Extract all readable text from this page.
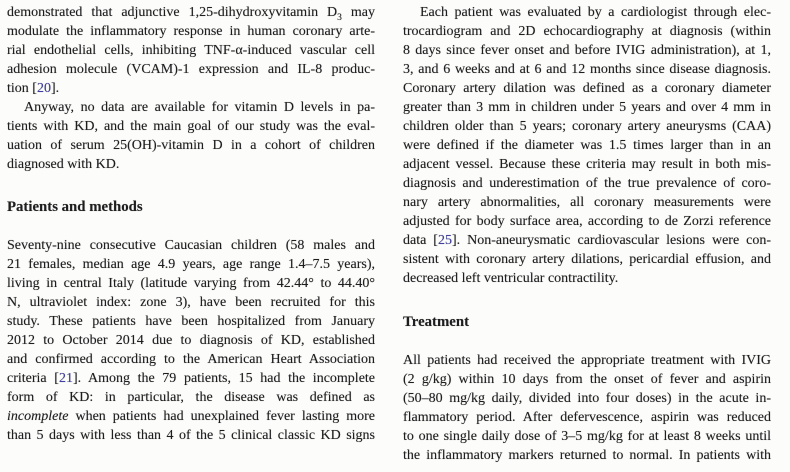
demonstrated that adjunctive 1,25-dihydroxyvitamin $D_3$ may
modulate the inflammatory response in human coronary arte-
rial endothelial cells, inhibiting TNF-α-induced vascular cell
adhesion molecule (VCAM)-1 expression and IL-8 produc-
tion [20].
Anyway, no data are available for vitamin D levels in pa-
tients with KD, and the main goal of our study was the eval-
uation of serum 25(OH)-vitamin D in a cohort of children
diagnosed with KD.
Patients and methods
Seventy-nine consecutive Caucasian children (58 males and
21 females, median age 4.9 years, age range 1.4–7.5 years),
living in central Italy (latitude varying from 42.44° to 44.40°
N, ultraviolet index: zone 3), have been recruited for this
study. These patients have been hospitalized from January
2012 to October 2014 due to diagnosis of KD, established
and confirmed according to the American Heart Association
criteria [21]. Among the 79 patients, 15 had the incomplete
form of KD: in particular, the disease was defined as
incomplete when patients had unexplained fever lasting more
than 5 days with less than 4 of the 5 clinical classic KD signs
Each patient was evaluated by a cardiologist through elec-
trocardiogram and 2D echocardiography at diagnosis (within
8 days since fever onset and before IVIG administration), at 1,
3, and 6 weeks and at 6 and 12 months since disease diagnosis.
Coronary artery dilation was defined as a coronary diameter
greater than 3 mm in children under 5 years and over 4 mm in
children older than 5 years; coronary artery aneurysms (CAA)
were defined if the diameter was 1.5 times larger than in an
adjacent vessel. Because these criteria may result in both mis-
diagnosis and underestimation of the true prevalence of coro-
nary artery abnormalities, all coronary measurements were
adjusted for body surface area, according to de Zorzi reference
data [25]. Non-aneurysmatic cardiovascular lesions were con-
sistent with coronary artery dilations, pericardial effusion, and
decreased left ventricular contractility.
Treatment
All patients had received the appropriate treatment with IVIG
(2 g/kg) within 10 days from the onset of fever and aspirin
(50–80 mg/kg daily, divided into four doses) in the acute in-
flammatory period. After defervescence, aspirin was reduced
to one single daily dose of 3–5 mg/kg for at least 8 weeks until
the inflammatory markers returned to normal. In patients with
